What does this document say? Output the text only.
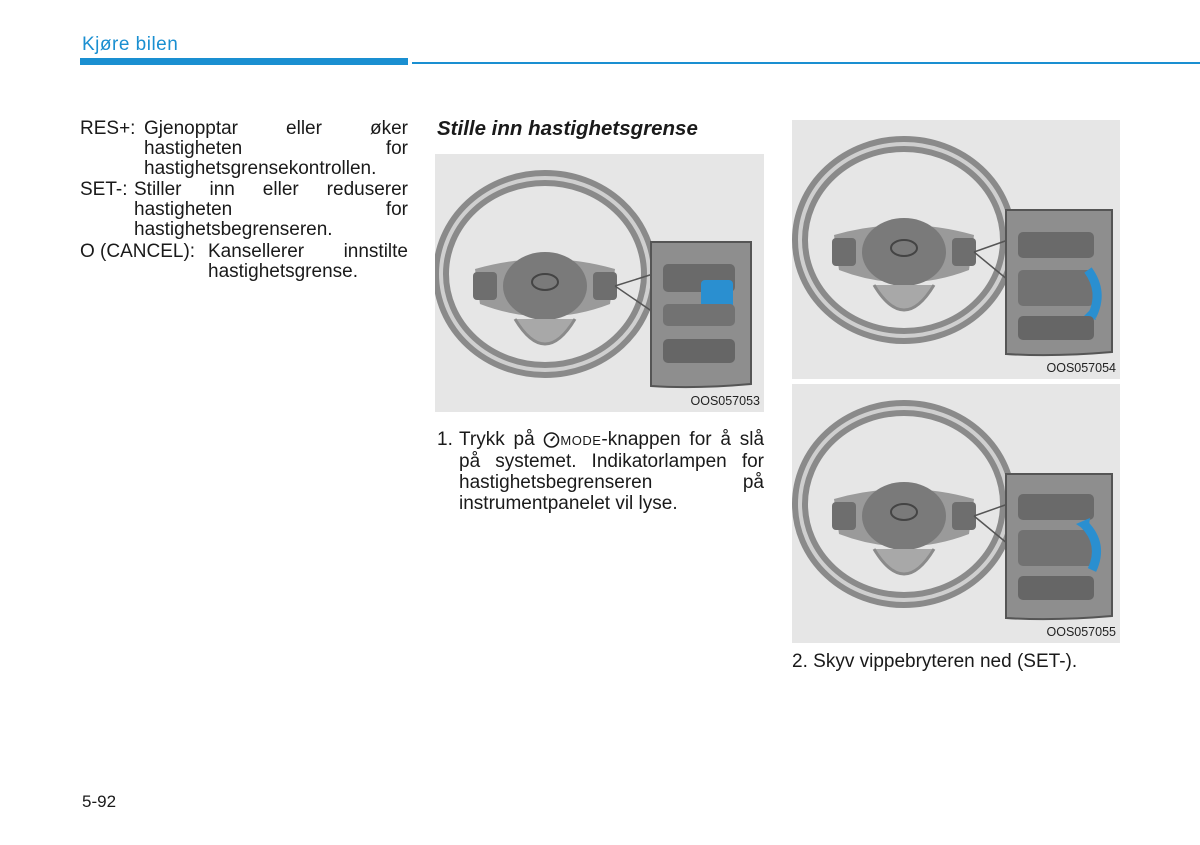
Kjøre bilen
RES+: Gjenopptar eller øker hastigheten for hastighetsgrensekontrollen.
SET-: Stiller inn eller reduserer hastigheten for hastighetsbegrenseren.
O (CANCEL): Kansellerer innstilte hastighetsgrense.
Stille inn hastighetsgrense
OOS057053
1. Trykk på MODE-knappen for å slå på systemet. Indikatorlampen for hastighetsbegrenseren på instrumentpanelet vil lyse.
OOS057054
OOS057055
2. Skyv vippebryteren ned (SET-).
5-92
